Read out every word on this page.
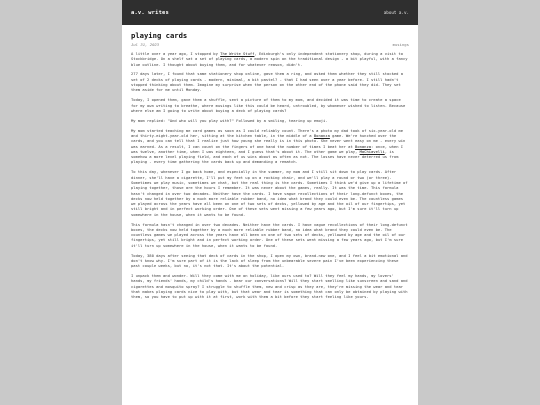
a.v. writes	about a.v.
playing cards
Jul 31, 2023	musings

A little over a year ago, I stopped by The Write Stuff, Edinburgh's only independent stationery shop, during a visit to Stockbridge. On a shelf sat a set of playing cards, a modern spin on the traditional design - a bit playful, with a fancy blue outline. I thought about buying them, and for whatever reason, didn't.

277 days later, I found that same stationery shop online, gave them a ring, and asked them whether they still stocked a set of 2 decks of playing cards - modern, minimal, a bit pastel? - that I had seen over a year before. I still hadn't stopped thinking about them. Imagine my surprise when the person on the other end of the phone said they did. They set them aside for me until Monday.

Today, I opened them, gave them a shuffle, sent a picture of them to my mom, and decided it was time to create a space for my own writing to breathe, where musings like this could be heard, untroubled, by whomever wished to listen. Because where else am I going to write about buying a deck of playing cards?

My mom replied: "And who will you play with?" Followed by a smiling, tearing up emoji.

My mom started teaching me card games as soon as I could reliably count. There's a photo my dad took of six-year-old me and thirty-eight-year-old her, sitting at the kitchen table, in the middle of a Bonanza game. We're hunched over the cards, and you can tell that I realize just how young she really is in this photo. She never went easy on me - every win was earned. As a result, I can count on the fingers of one hand the number of times I beat her at Bonanza: once, when I was twelve, another time, when I was eighteen, and I guess that's about it. The other game we play, MaChiavelli, is somehow a more level playing field, and each of us wins about as often as not. The losses have never deterred us from playing - every time gathering the cards back up and demanding a rematch.

To this day, whenever I go back home, and especially in the summer, my mom and I still sit down to play cards. After dinner, she'll have a cigarette, I'll put my feet up on a rocking chair, and we'll play a round or two (or three). Sometimes we play music, sometimes we chat, but the real thing is the cards. Sometimes I think we'd give up a lifetime of playing together, those are the hours I remember. It was never about the games, really. It was the time. This formula hasn't changed in over two decades. Neither have the cards. I have vague recollections of their long-defunct boxes, the decks now held together by a much more reliable rubber band, no idea what brand they could even be. The countless games we played across the years have all been on one of two sets of decks, yellowed by age and the oil of our fingertips, yet still bright and in perfect working order. One of these sets went missing a few years ago, but I'm sure it'll turn up somewhere in the house, when it wants to be found.

This formula hasn't changed in over two decades. Neither have the cards. I have vague recollections of their long-defunct boxes, the decks now held together by a much more reliable rubber band, no idea what brand they could even be. The countless games we played across the years have all been on one of two sets of decks, yellowed by age and the oil of our fingertips, yet still bright and in perfect working order. One of these sets went missing a few years ago, but I'm sure it'll turn up somewhere in the house, when it wants to be found.

Today, 380 days after seeing that deck of cards in the shop, I open my own, brand-new one, and I feel a bit emotional and don't know why. I'm sure part of it is the lack of sleep from the unbearable severe pain I've been experiencing these past couple weeks, but no, it's not that. It's about the potential.

I unpack them and wonder. Will they come with me on holiday, like ours used to? Will they feel my hands, my lovers' hands, my friends' hands, my child's hands - bear our conversations? Will they start smelling like sunscreen and sand and cigarettes and mosquito spray? I struggle to shuffle them, new and crisp as they are, they're missing the wear and tear that makes playing cards nice to play with, but that wear and tear is something that can only be obtained by playing with them, so you have to put up with it at first, work with them a bit before they start feeling like yours.
